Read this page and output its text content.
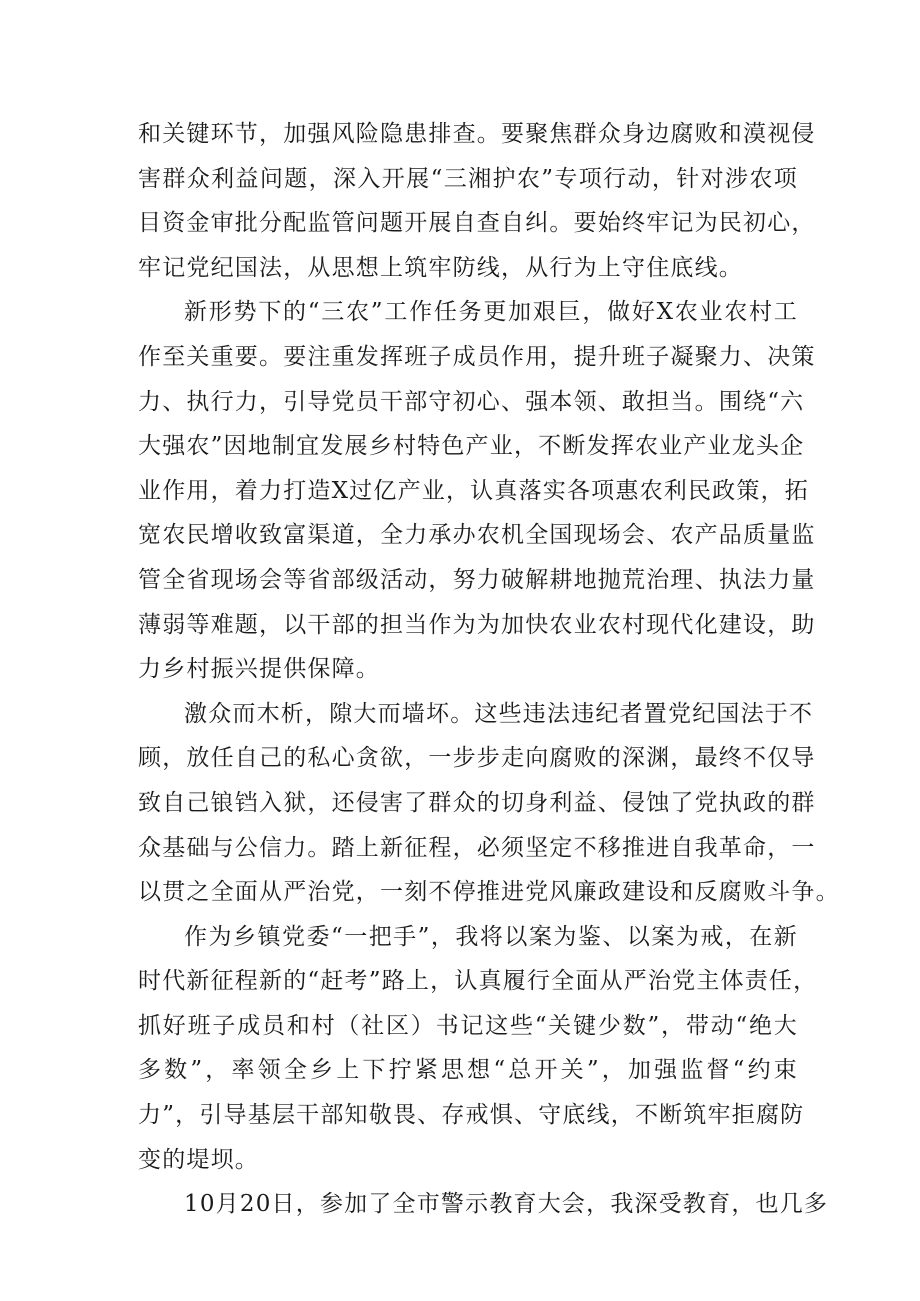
和关键环节，加强风险隐患排查。要聚焦群众身边腐败和漠视侵
害群众利益问题，深入开展“三湘护农”专项行动，针对涉农项
目资金审批分配监管问题开展自查自纠。要始终牢记为民初心，
牢记党纪国法，从思想上筑牢防线，从行为上守住底线。
新形势下的“三农”工作任务更加艰巨，做好X农业农村工
作至关重要。要注重发挥班子成员作用，提升班子凝聚力、决策
力、执行力，引导党员干部守初心、强本领、敢担当。围绕“六
大强农”因地制宜发展乡村特色产业，不断发挥农业产业龙头企
业作用，着力打造X过亿产业，认真落实各项惠农利民政策，拓
宽农民增收致富渠道，全力承办农机全国现场会、农产品质量监
管全省现场会等省部级活动，努力破解耕地抛荒治理、执法力量
薄弱等难题，以干部的担当作为为加快农业农村现代化建设，助
力乡村振兴提供保障。
激众而木析，隙大而墙坏。这些违法违纪者置党纪国法于不
顾，放任自己的私心贪欲，一步步走向腐败的深渊，最终不仅导
致自己锒铛入狱，还侵害了群众的切身利益、侵蚀了党执政的群
众基础与公信力。踏上新征程，必须坚定不移推进自我革命，一
以贯之全面从严治党，一刻不停推进党风廉政建设和反腐败斗争。
作为乡镇党委“一把手”，我将以案为鉴、以案为戒，在新
时代新征程新的“赶考”路上，认真履行全面从严治党主体责任，
抓好班子成员和村（社区）书记这些“关键少数”，带动“绝大
多数”，率领全乡上下拧紧思想“总开关”，加强监督“约束
力”，引导基层干部知敬畏、存戒惧、守底线，不断筑牢拒腐防
变的堤坝。
10月20日，参加了全市警示教育大会，我深受教育，也几多
